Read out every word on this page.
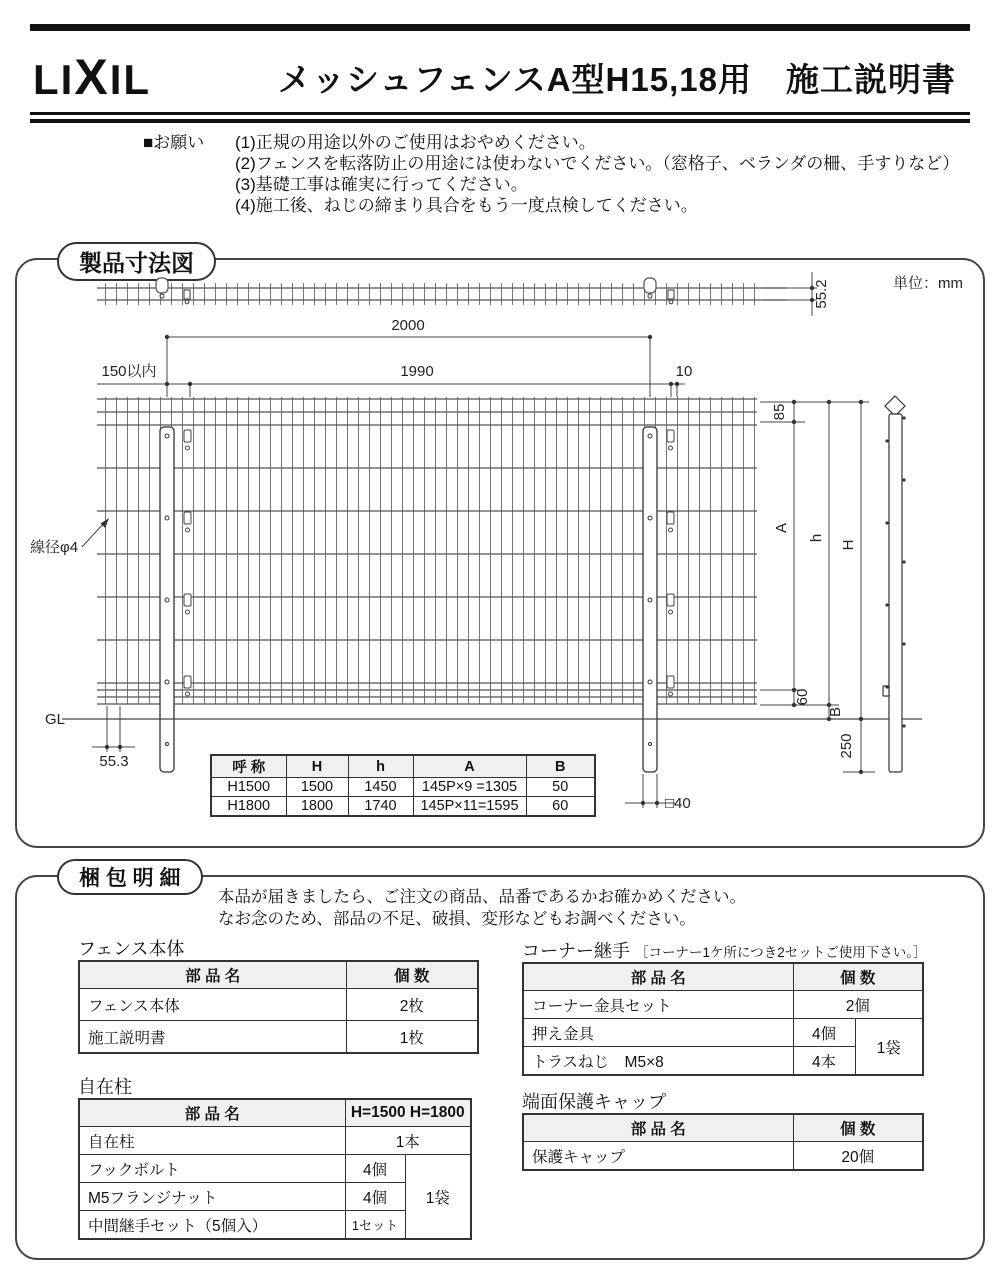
LIXIL	メッシュフェンスA型H15,18用　施工説明書
■お願い	(1)正規の用途以外のご使用はおやめください。
(2)フェンスを転落防止の用途には使わないでください。（窓格子、ベランダの柵、手すりなど）
(3)基礎工事は確実に行ってください。
(4)施工後、ねじの締まり具合をもう一度点検してください。
製品寸法図
単位：mm
55.2
2000
150以内	1990	10
線径φ4
GL
55.3
□40
85
A
h
H
60
B
250
呼 称	H	h	A	B
H1500	1500	1450	145P×9 =1305	50
H1800	1800	1740	145P×11=1595	60
梱 包 明 細
本品が届きましたら、ご注文の商品、品番であるかお確かめください。
なお念のため、部品の不足、破損、変形などもお調べください。
フェンス本体
部 品 名	個 数
フェンス本体	2枚
施工説明書	1枚
自在柱
部 品 名	H=1500 H=1800	
自在柱	1本	
フックボルト	4個	1袋
M5フランジナット	4個	
中間継手セット（5個入）	1セット	
コーナー継手 ［コーナー1ケ所につき2セットご使用下さい。］
部 品 名	個 数	
コーナー金具セット	2個	
押え金具	4個	1袋
トラスねじ　M5×8	4本	
端面保護キャップ
部 品 名	個 数
保護キャップ	20個
